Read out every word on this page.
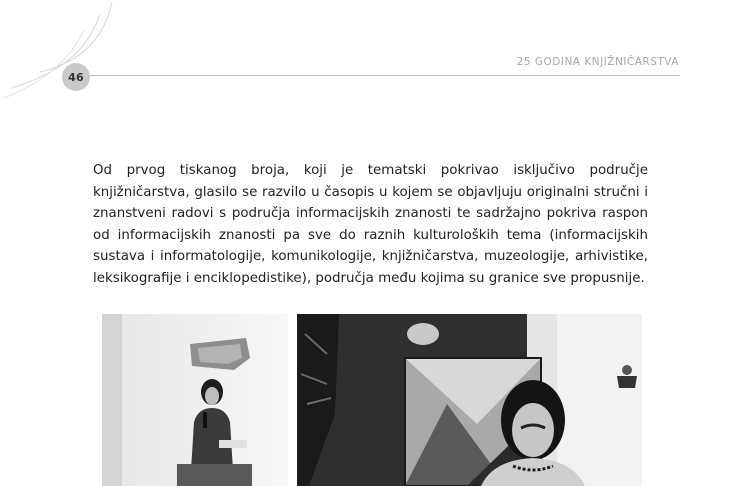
46
25 GODINA KNJIŽNIČARSTVA

Od prvog tiskanog broja, koji je tematski pokrivao isključivo područje knjižničarstva, glasilo se razvilo u časopis u kojem se objavljuju originalni stručni i znanstveni radovi s područja informacijskih znanosti te sadržajno pokriva raspon od informacijskih znanosti pa sve do raznih kulturoloških tema (informacijskih sustava i informatologije, komunikologije, knjižničarstva, muzeologije, arhivistike, leksikografije i enciklopedistike), područja među kojima su granice sve propusnije.
